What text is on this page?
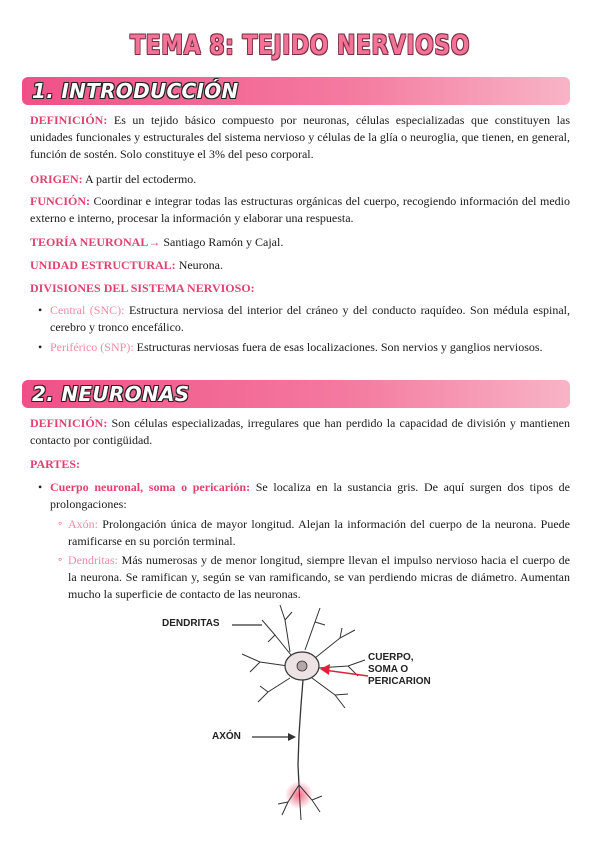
TEMA 8: TEJIDO NERVIOSO
1. INTRODUCCIÓN
DEFINICIÓN: Es un tejido básico compuesto por neuronas, células especializadas que constituyen las unidades funcionales y estructurales del sistema nervioso y células de la glía o neuroglia, que tienen, en general, función de sostén. Solo constituye el 3% del peso corporal.
ORIGEN: A partir del ectodermo.
FUNCIÓN: Coordinar e integrar todas las estructuras orgánicas del cuerpo, recogiendo información del medio externo e interno, procesar la información y elaborar una respuesta.
TEORÍA NEURONAL→ Santiago Ramón y Cajal.
UNIDAD ESTRUCTURAL: Neurona.
DIVISIONES DEL SISTEMA NERVIOSO:
• Central (SNC): Estructura nerviosa del interior del cráneo y del conducto raquídeo. Son médula espinal, cerebro y tronco encefálico.
• Periférico (SNP): Estructuras nerviosas fuera de esas localizaciones. Son nervios y ganglios nerviosos.
2. NEURONAS
DEFINICIÓN: Son células especializadas, irregulares que han perdido la capacidad de división y mantienen contacto por contigüidad.
PARTES:
• Cuerpo neuronal, soma o pericarión: Se localiza en la sustancia gris. De aquí surgen dos tipos de prolongaciones:
◦ Axón: Prolongación única de mayor longitud. Alejan la información del cuerpo de la neurona. Puede ramificarse en su porción terminal.
◦ Dendritas: Más numerosas y de menor longitud, siempre llevan el impulso nervioso hacia el cuerpo de la neurona. Se ramifican y, según se van ramificando, se van perdiendo micras de diámetro. Aumentan mucho la superficie de contacto de las neuronas.
DENDRITAS
CUERPO,
SOMA O
PERICARION
AXÓN
